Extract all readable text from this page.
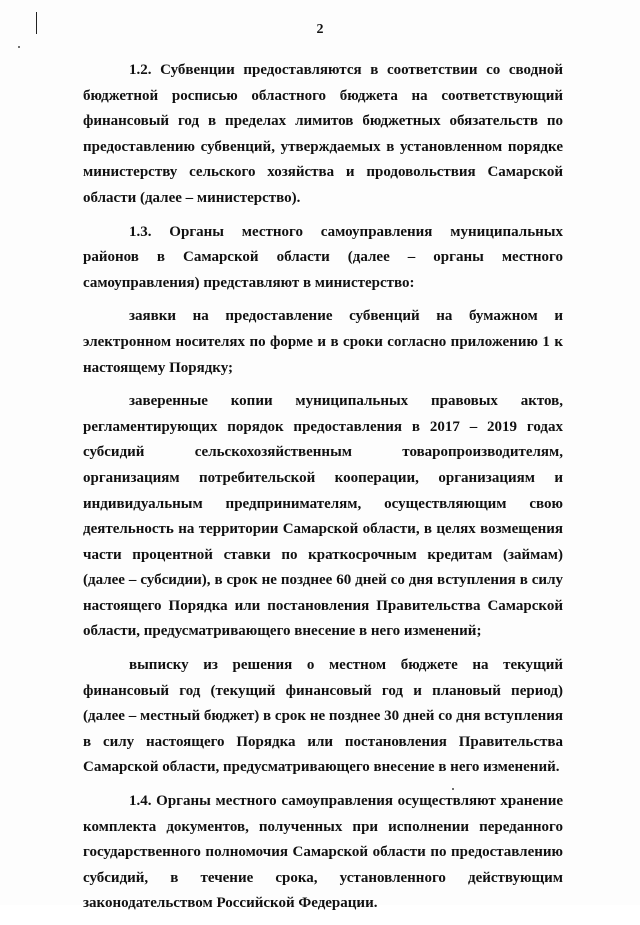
2

1.2. Субвенции предоставляются в соответствии со сводной бюджетной росписью областного бюджета на соответствующий финансовый год в пределах лимитов бюджетных обязательств по предоставлению субвенций, утверждаемых в установленном порядке министерству сельского хозяйства и продовольствия Самарской области (далее – министерство).

1.3. Органы местного самоуправления муниципальных районов в Самарской области (далее – органы местного самоуправления) представляют в министерство:

заявки на предоставление субвенций на бумажном и электронном носителях по форме и в сроки согласно приложению 1 к настоящему Порядку;

заверенные копии муниципальных правовых актов, регламентирующих порядок предоставления в 2017 – 2019 годах субсидий сельскохозяйственным товаропроизводителям, организациям потребительской кооперации, организациям и индивидуальным предпринимателям, осуществляющим свою деятельность на территории Самарской области, в целях возмещения части процентной ставки по краткосрочным кредитам (займам) (далее – субсидии), в срок не позднее 60 дней со дня вступления в силу настоящего Порядка или постановления Правительства Самарской области, предусматривающего внесение в него изменений;

выписку из решения о местном бюджете на текущий финансовый год (текущий финансовый год и плановый период) (далее – местный бюджет) в срок не позднее 30 дней со дня вступления в силу настоящего Порядка или постановления Правительства Самарской области, предусматривающего внесение в него изменений.

1.4. Органы местного самоуправления осуществляют хранение комплекта документов, полученных при исполнении переданного государственного полномочия Самарской области по предоставлению субсидий, в течение срока, установленного действующим законодательством Российской Федерации.
